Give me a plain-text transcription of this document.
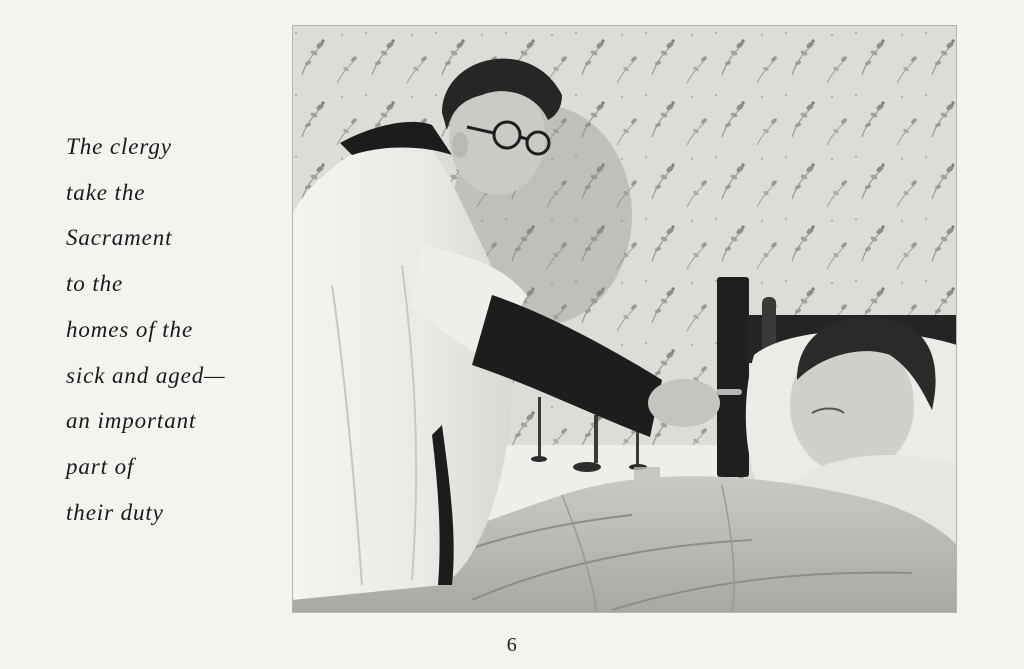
The clergy
take the
Sacrament
to the
homes of the
sick and aged—
an important
part of
their duty
6
